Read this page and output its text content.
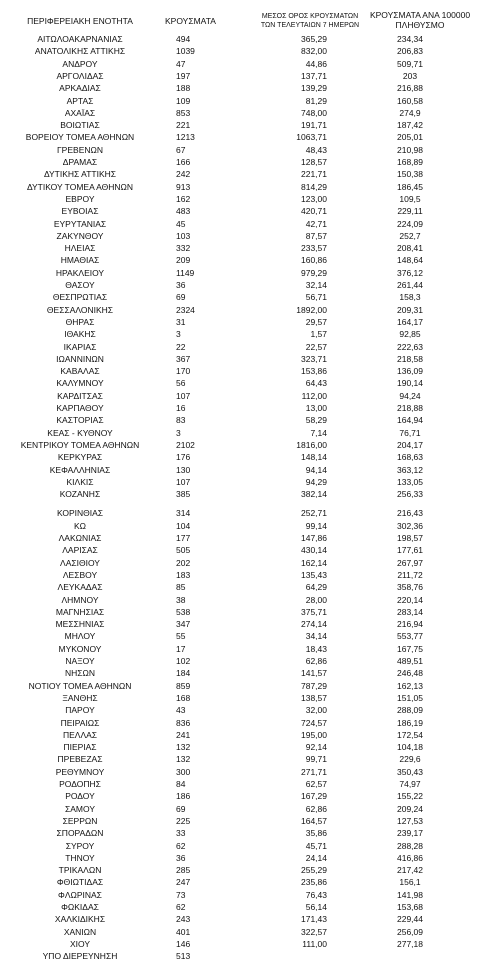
ΠΕΡΙΦΕΡΕΙΑΚΗ ΕΝΟΤΗΤΑ	ΚΡΟΥΣΜΑΤΑ	ΜΕΣΟΣ ΟΡΟΣ ΚΡΟΥΣΜΑΤΩΝ
ΤΩΝ ΤΕΛΕΥΤΑΙΩΝ 7 ΗΜΕΡΩΝ
ΚΡΟΥΣΜΑΤΑ ΑΝΑ 100000
ΠΛΗΘΥΣΜΟ
ΑΙΤΩΛΟΑΚΑΡΝΑΝΙΑΣ	494	365,29	234,34
ΑΝΑΤΟΛΙΚΗΣ ΑΤΤΙΚΗΣ	1039	832,00	206,83
ΑΝΔΡΟΥ	47	44,86	509,71
ΑΡΓΟΛΙΔΑΣ	197	137,71	203
ΑΡΚΑΔΙΑΣ	188	139,29	216,88
ΑΡΤΑΣ	109	81,29	160,58
ΑΧΑΪΑΣ	853	748,00	274,9
ΒΟΙΩΤΙΑΣ	221	191,71	187,42
ΒΟΡΕΙΟΥ ΤΟΜΕΑ ΑΘΗΝΩΝ	1213	1063,71	205,01
ΓΡΕΒΕΝΩΝ	67	48,43	210,98
ΔΡΑΜΑΣ	166	128,57	168,89
ΔΥΤΙΚΗΣ ΑΤΤΙΚΗΣ	242	221,71	150,38
ΔΥΤΙΚΟΥ ΤΟΜΕΑ ΑΘΗΝΩΝ	913	814,29	186,45
ΕΒΡΟΥ	162	123,00	109,5
ΕΥΒΟΙΑΣ	483	420,71	229,11
ΕΥΡΥΤΑΝΙΑΣ	45	42,71	224,09
ΖΑΚΥΝΘΟΥ	103	87,57	252,7
ΗΛΕΙΑΣ	332	233,57	208,41
ΗΜΑΘΙΑΣ	209	160,86	148,64
ΗΡΑΚΛΕΙΟΥ	1149	979,29	376,12
ΘΑΣΟΥ	36	32,14	261,44
ΘΕΣΠΡΩΤΙΑΣ	69	56,71	158,3
ΘΕΣΣΑΛΟΝΙΚΗΣ	2324	1892,00	209,31
ΘΗΡΑΣ	31	29,57	164,17
ΙΘΑΚΗΣ	3	1,57	92,85
ΙΚΑΡΙΑΣ	22	22,57	222,63
ΙΩΑΝΝΙΝΩΝ	367	323,71	218,58
ΚΑΒΑΛΑΣ	170	153,86	136,09
ΚΑΛΥΜΝΟΥ	56	64,43	190,14
ΚΑΡΔΙΤΣΑΣ	107	112,00	94,24
ΚΑΡΠΑΘΟΥ	16	13,00	218,88
ΚΑΣΤΟΡΙΑΣ	83	58,29	164,94
ΚΕΑΣ - ΚΥΘΝΟΥ	3	7,14	76,71
ΚΕΝΤΡΙΚΟΥ ΤΟΜΕΑ ΑΘΗΝΩΝ	2102	1816,00	204,17
ΚΕΡΚΥΡΑΣ	176	148,14	168,63
ΚΕΦΑΛΛΗΝΙΑΣ	130	94,14	363,12
ΚΙΛΚΙΣ	107	94,29	133,05
ΚΟΖΑΝΗΣ	385	382,14	256,33
ΚΟΡΙΝΘΙΑΣ	314	252,71	216,43
ΚΩ	104	99,14	302,36
ΛΑΚΩΝΙΑΣ	177	147,86	198,57
ΛΑΡΙΣΑΣ	505	430,14	177,61
ΛΑΣΙΘΙΟΥ	202	162,14	267,97
ΛΕΣΒΟΥ	183	135,43	211,72
ΛΕΥΚΑΔΑΣ	85	64,29	358,76
ΛΗΜΝΟΥ	38	28,00	220,14
ΜΑΓΝΗΣΙΑΣ	538	375,71	283,14
ΜΕΣΣΗΝΙΑΣ	347	274,14	216,94
ΜΗΛΟΥ	55	34,14	553,77
ΜΥΚΟΝΟΥ	17	18,43	167,75
ΝΑΞΟΥ	102	62,86	489,51
ΝΗΣΩΝ	184	141,57	246,48
ΝΟΤΙΟΥ ΤΟΜΕΑ ΑΘΗΝΩΝ	859	787,29	162,13
ΞΑΝΘΗΣ	168	138,57	151,05
ΠΑΡΟΥ	43	32,00	288,09
ΠΕΙΡΑΙΩΣ	836	724,57	186,19
ΠΕΛΛΑΣ	241	195,00	172,54
ΠΙΕΡΙΑΣ	132	92,14	104,18
ΠΡΕΒΕΖΑΣ	132	99,71	229,6
ΡΕΘΥΜΝΟΥ	300	271,71	350,43
ΡΟΔΟΠΗΣ	84	62,57	74,97
ΡΟΔΟΥ	186	167,29	155,22
ΣΑΜΟΥ	69	62,86	209,24
ΣΕΡΡΩΝ	225	164,57	127,53
ΣΠΟΡΑΔΩΝ	33	35,86	239,17
ΣΥΡΟΥ	62	45,71	288,28
ΤΗΝΟΥ	36	24,14	416,86
ΤΡΙΚΑΛΩΝ	285	255,29	217,42
ΦΘΙΩΤΙΔΑΣ	247	235,86	156,1
ΦΛΩΡΙΝΑΣ	73	76,43	141,98
ΦΩΚΙΔΑΣ	62	56,14	153,68
ΧΑΛΚΙΔΙΚΗΣ	243	171,43	229,44
ΧΑΝΙΩΝ	401	322,57	256,09
ΧΙΟΥ	146	111,00	277,18
ΥΠΟ ΔΙΕΡΕΥΝΗΣΗ	513
